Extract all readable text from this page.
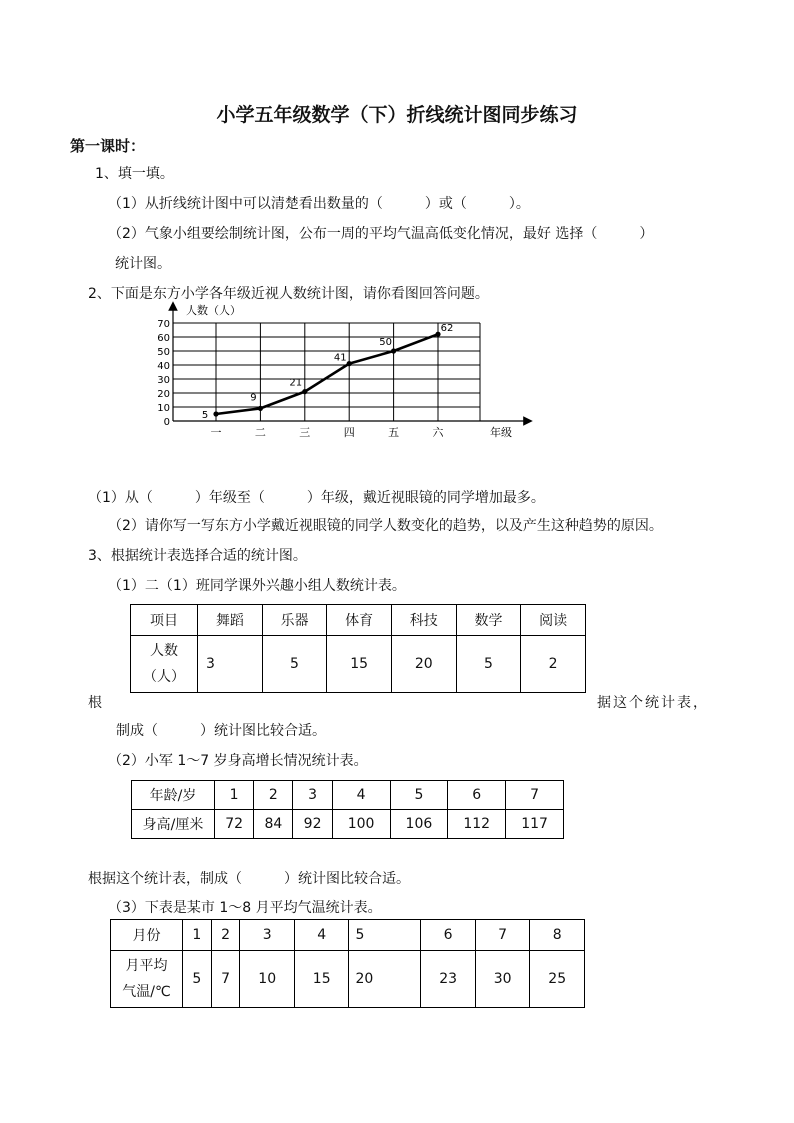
小学五年级数学（下）折线统计图同步练习
第一课时：
1、填一填。
（1）从折线统计图中可以清楚看出数量的（　　　）或（　　　）。
（2）气象小组要绘制统计图，公布一周的平均气温高低变化情况，最好 选择（　　　）
统计图。
2、下面是东方小学各年级近视人数统计图，请你看图回答问题。
人数（人）
年级
0
10
20
30
40
50
60
70
一	二	三	四	五	六
5
9
21
41
50
62
（1）从（　　　）年级至（　　　）年级，戴近视眼镜的同学增加最多。
（2）请你写一写东方小学戴近视眼镜的同学人数变化的趋势，以及产生这种趋势的原因。
3、根据统计表选择合适的统计图。
（1）二（1）班同学课外兴趣小组人数统计表。
项目	舞蹈	乐器	体育	科技	数学	阅读

人数
（人）	3	5	15	20	5	2
根	据这个统计表，
制成（　　　）统计图比较合适。
（2）小军 1～7 岁身高增长情况统计表。
年龄/岁	1	2	3	4	5	6	7
身高/厘米	72	84	92	100	106	112	117
根据这个统计表，制成（　　　）统计图比较合适。
（3）下表是某市 1～8 月平均气温统计表。
月份	1	2	3	4	5	6	7	8

月平均
气温/℃	5	7	10	15	20	23	30	25
